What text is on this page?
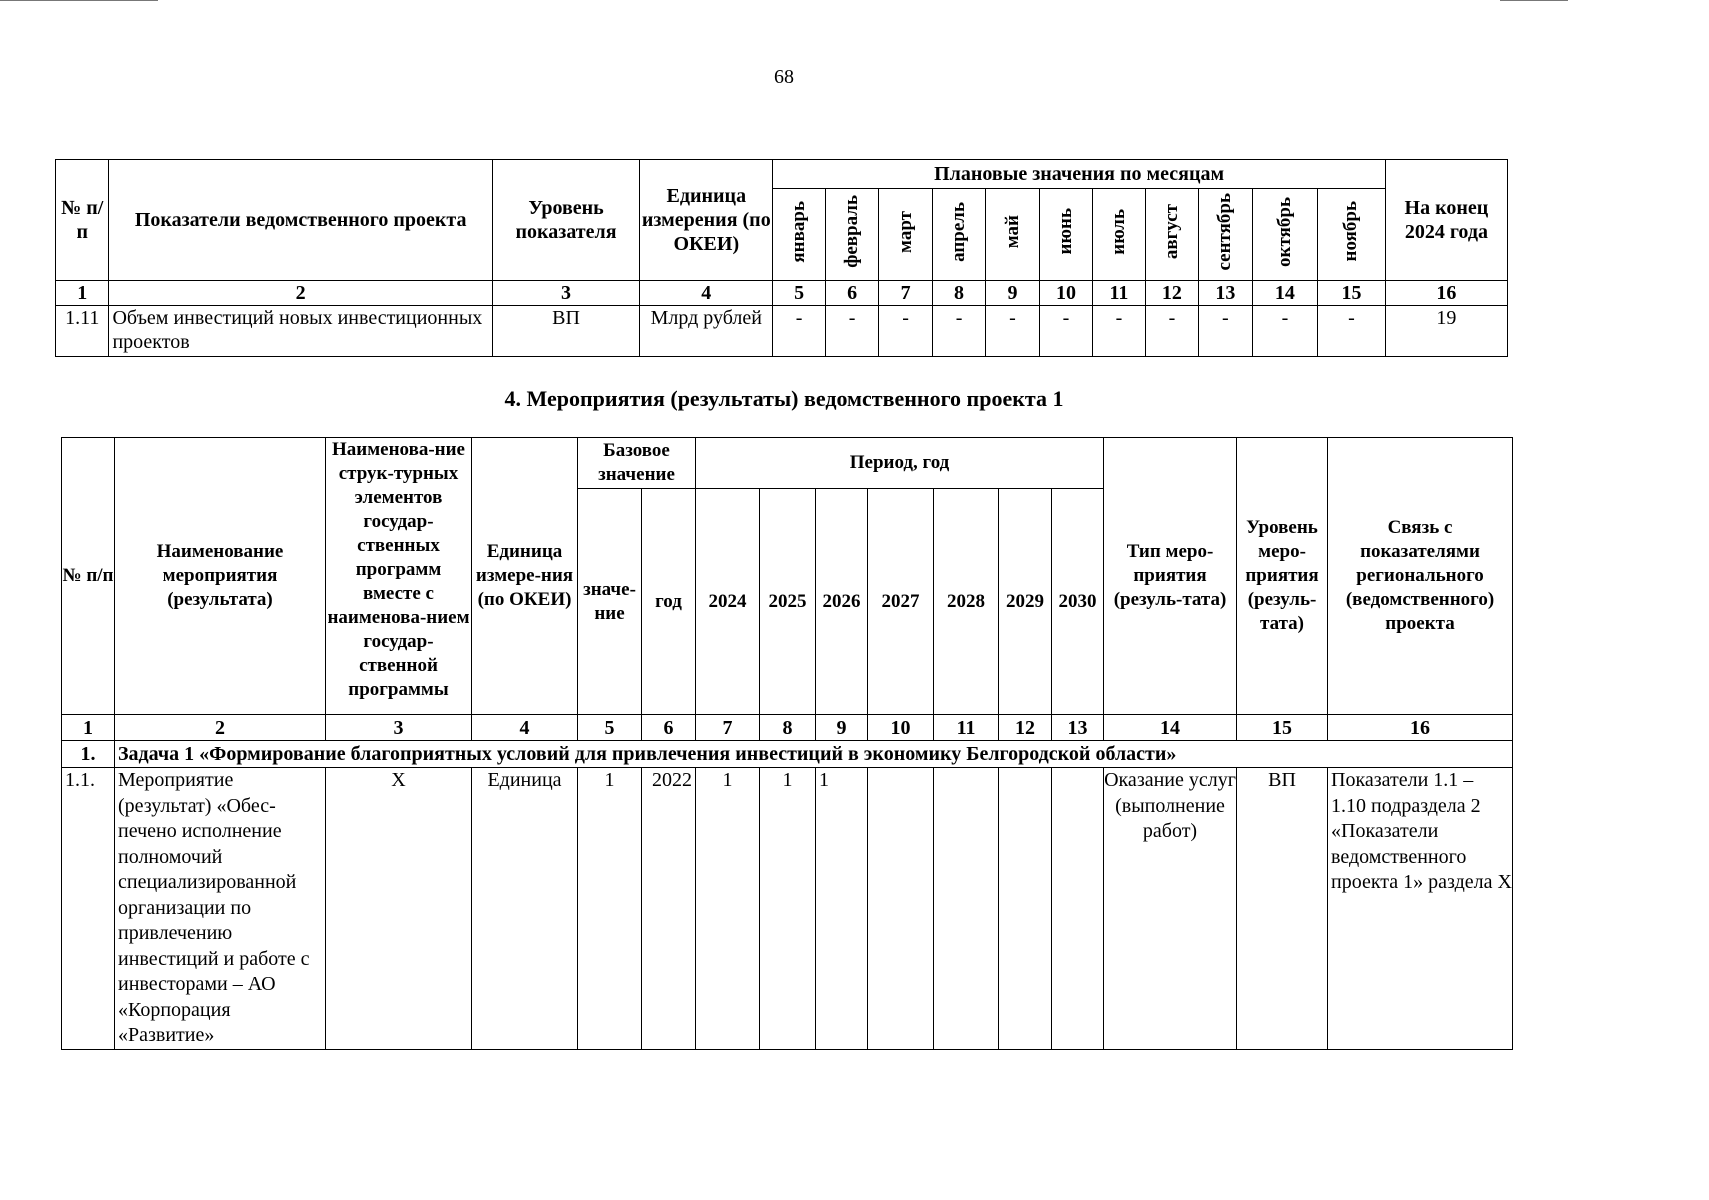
68
№ п/п	Показатели ведомственного проекта	Уровень показателя	Единица измерения (по ОКЕИ)	Плановые значения по месяцам											На конец 2024 года
				январь	февраль	март	апрель	май	июнь	июль	август	сентябрь	октябрь	ноябрь	
1	2	3	4	5	6	7	8	9	10	11	12	13	14	15	16
1.11	Объем инвестиций новых инвестиционных проектов	ВП	Млрд рублей	-	-	-	-	-	-	-	-	-	-	-	19
4. Мероприятия (результаты) ведомственного проекта 1
№ п/п	Наименование мероприятия (результата)	Наименова-ние струк-турных элементов государ-ственных программ вместе с наименова-нием государ-ственной программы	Единица измере-ния (по ОКЕИ)	Базовое значение		Период, год							Тип меро-приятия (резуль-тата)	Уровень меро-приятия (резуль-тата)	Связь с показателями регионального (ведомственного) проекта
				значе-ние	год	2024	2025	2026	2027	2028	2029	2030			
1	2	3	4	5	6	7	8	9	10	11	12	13	14	15	16
1.	Задача 1 «Формирование благоприятных условий для привлечения инвестиций в экономику Белгородской области»														
1.1.	Мероприятие (результат) «Обес-печено исполнение полномочий специализированной организации по привлечению инвестиций и работе с инвесторами – АО «Корпорация «Развитие»	Х	Единица	1	2022	1	1	1					Оказание услуг (выполнение работ)	ВП	Показатели 1.1 – 1.10 подраздела 2 «Показатели ведомственного проекта 1» раздела Х
